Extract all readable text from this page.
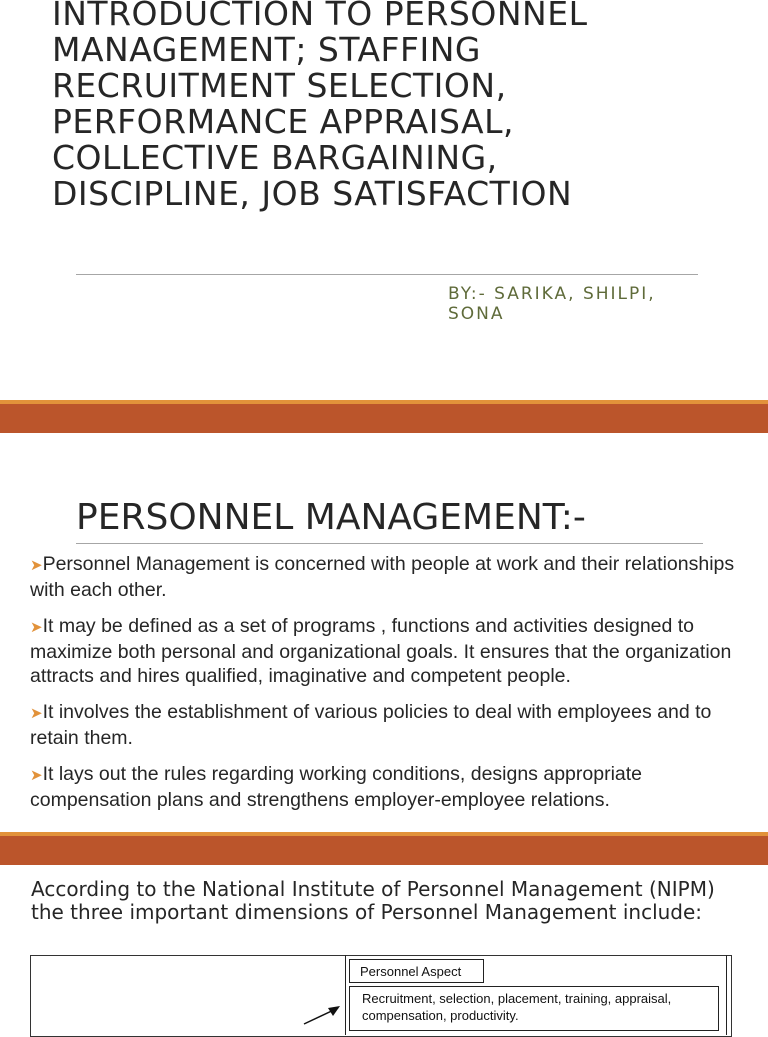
INTRODUCTION TO PERSONNEL
MANAGEMENT; STAFFING
RECRUITMENT SELECTION,
PERFORMANCE APPRAISAL,
COLLECTIVE BARGAINING,
DISCIPLINE, JOB SATISFACTION
BY:- SARIKA, SHILPI, SONA
PERSONNEL MANAGEMENT:-
➤Personnel Management is concerned with people at work and their relationships with each other.
➤It may be defined as a set of programs , functions and activities designed to maximize both personal and organizational goals. It ensures that the organization attracts and hires qualified, imaginative and competent people.
➤It involves the establishment of various policies to deal with employees and to retain them.
➤It lays out the rules regarding working conditions, designs appropriate compensation plans and strengthens employer-employee relations.
According to the National Institute of Personnel Management (NIPM) the three important dimensions of Personnel Management include:
Personnel Aspect
Recruitment, selection, placement, training, appraisal, compensation, productivity.
